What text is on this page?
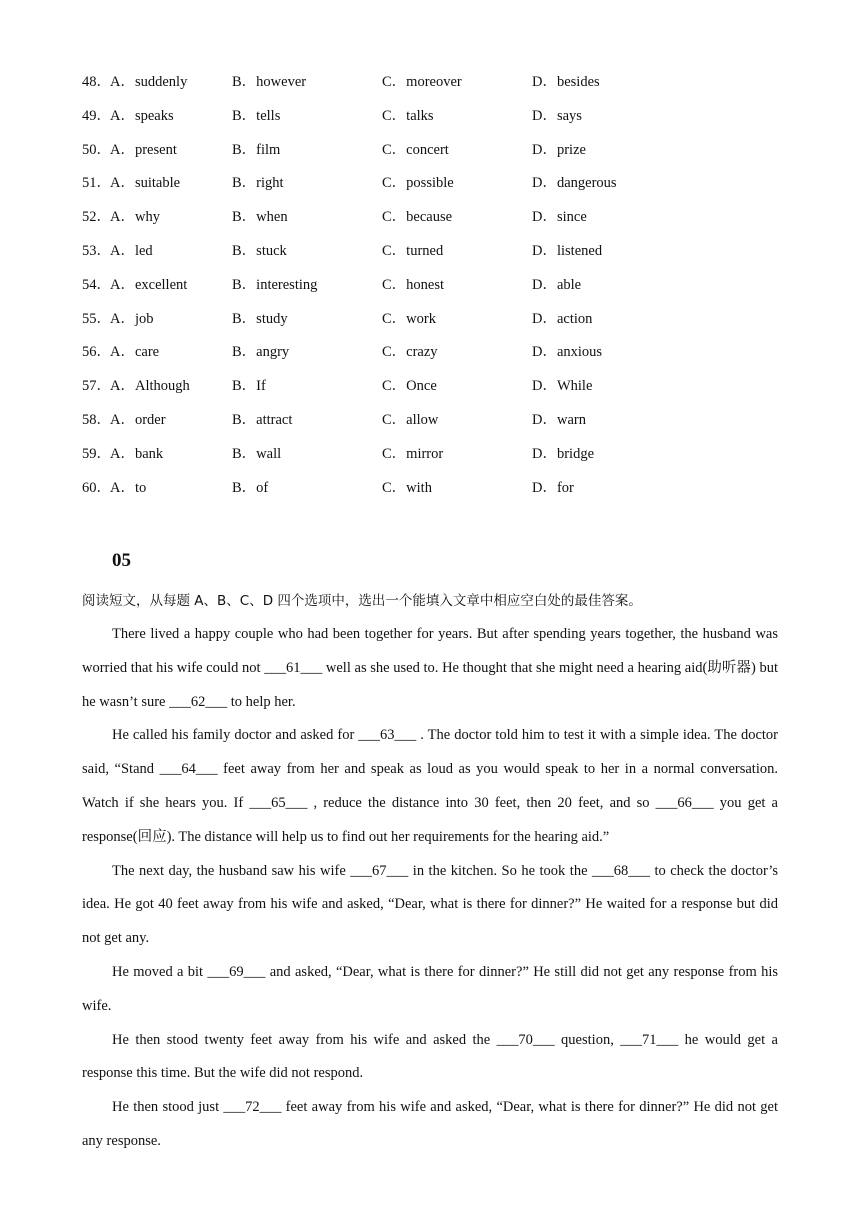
48． A．suddenly	B．however	C．moreover	D．besides
49． A．speaks	B．tells	C．talks	D．says
50． A．present	B．film	C．concert	D．prize
51． A．suitable	B．right	C．possible	D．dangerous
52． A．why	B．when	C．because	D．since
53． A．led	B．stuck	C．turned	D．listened
54． A．excellent	B．interesting	C．honest	D．able
55． A．job	B．study	C．work	D．action
56． A．care	B．angry	C．crazy	D．anxious
57． A．Although	B．If	C．Once	D．While
58． A．order	B．attract	C．allow	D．warn
59． A．bank	B．wall	C．mirror	D．bridge
60． A．to	B．of	C．with	D．for
05
阅读短文，从每题 A、B、C、D 四个选项中，选出一个能填入文章中相应空白处的最佳答案。

There lived a happy couple who had been together for years. But after spending years together, the husband was worried that his wife could not ___61___ well as she used to. He thought that she might need a hearing aid(助听器) but he wasn’t sure ___62___ to help her.

He called his family doctor and asked for ___63___ . The doctor told him to test it with a simple idea. The doctor said, “Stand ___64___ feet away from her and speak as loud as you would speak to her in a normal conversation. Watch if she hears you. If ___65___ , reduce the distance into 30 feet, then 20 feet, and so ___66___ you get a response(回应). The distance will help us to find out her requirements for the hearing aid.”

The next day, the husband saw his wife ___67___ in the kitchen. So he took the ___68___ to check the doctor’s idea. He got 40 feet away from his wife and asked, “Dear, what is there for dinner?” He waited for a response but did not get any.

He moved a bit ___69___ and asked, “Dear, what is there for dinner?” He still did not get any response from his wife.

He then stood twenty feet away from his wife and asked the ___70___ question, ___71___ he would get a response this time. But the wife did not respond.

He then stood just ___72___ feet away from his wife and asked, “Dear, what is there for dinner?” He did not get any response.
